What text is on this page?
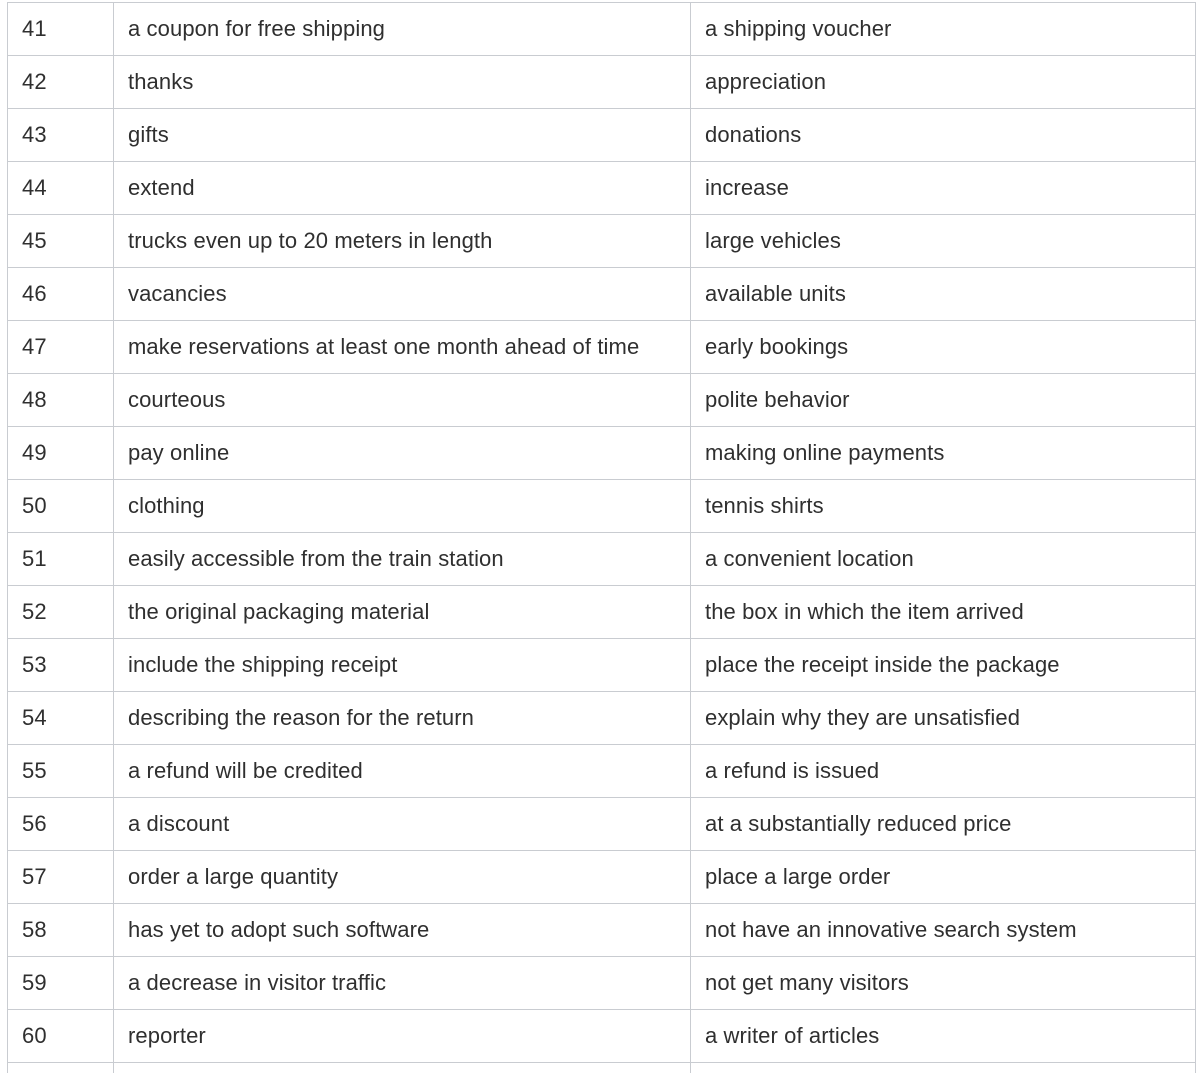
41	a coupon for free shipping	a shipping voucher
42	thanks	appreciation
43	gifts	donations
44	extend	increase
45	trucks even up to 20 meters in length	large vehicles
46	vacancies	available units
47	make reservations at least one month ahead of time	early bookings
48	courteous	polite behavior
49	pay online	making online payments
50	clothing	tennis shirts
51	easily accessible from the train station	a convenient location
52	the original packaging material	the box in which the item arrived
53	include the shipping receipt	place the receipt inside the package
54	describing the reason for the return	explain why they are unsatisfied
55	a refund will be credited	a refund is issued
56	a discount	at a substantially reduced price
57	order a large quantity	place a large order
58	has yet to adopt such software	not have an innovative search system
59	a decrease in visitor traffic	not get many visitors
60	reporter	a writer of articles
